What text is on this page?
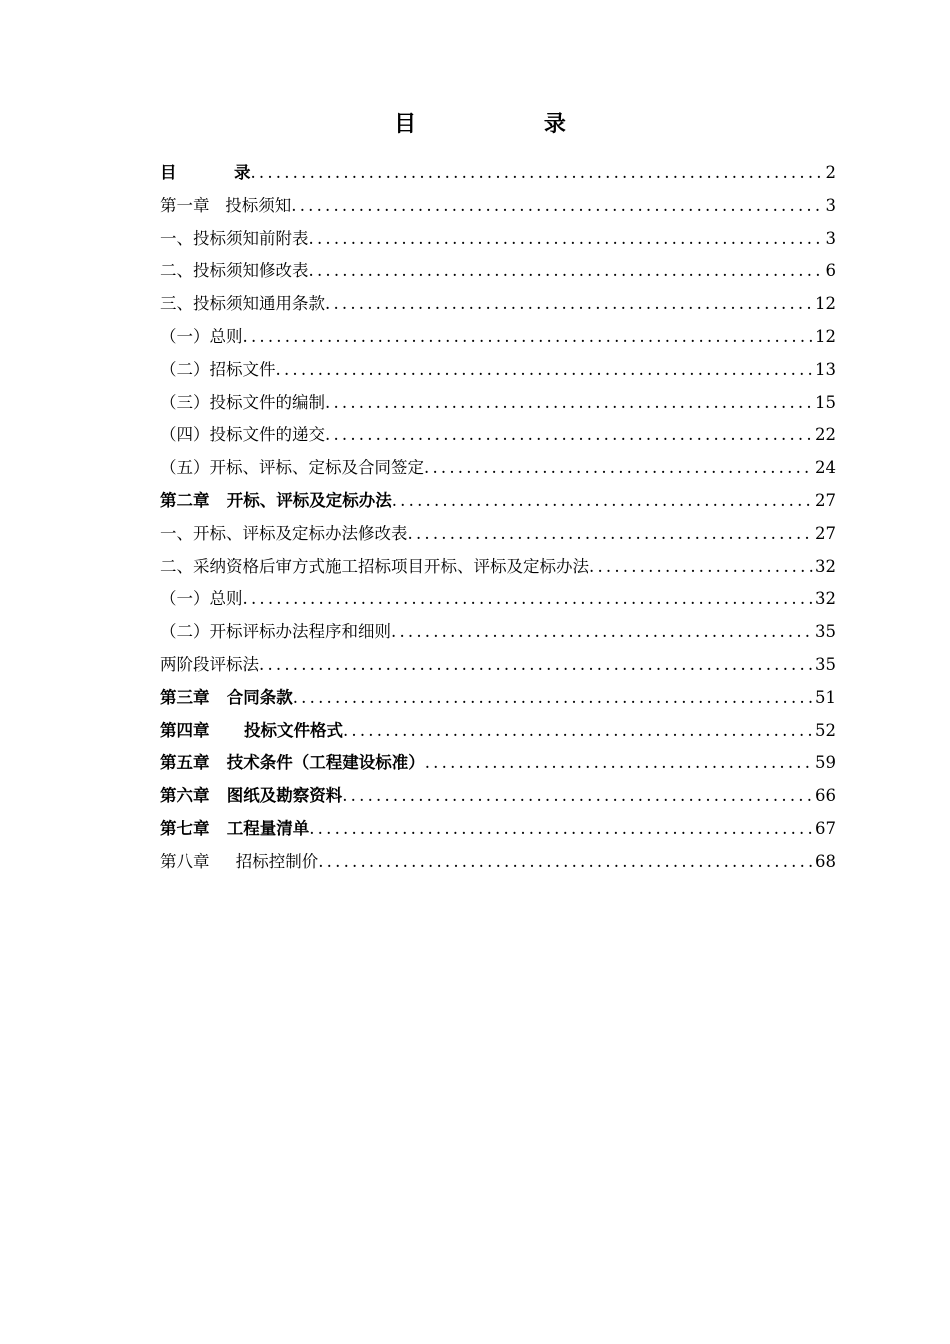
目 录
目          录 .....	2
第一章   投标须知 .....	3
一、投标须知前附表 .....	3
二、投标须知修改表 .....	6
三、投标须知通用条款 .....	12
（一）总则 .....	12
（二）招标文件 .....	13
（三）投标文件的编制 .....	15
（四）投标文件的递交 .....	22
（五）开标、评标、定标及合同签定 .....	24
第二章   开标、评标及定标办法 .....	27
一、开标、评标及定标办法修改表 .....	27
二、采纳资格后审方式施工招标项目开标、评标及定标办法 .....	32
（一）总则 .....	32
（二）开标评标办法程序和细则 .....	35
两阶段评标法 .....	35
第三章   合同条款 .....	51
第四章      投标文件格式 .....	52
第五章   技术条件（工程建设标准） .....	59
第六章   图纸及勘察资料 .....	66
第七章   工程量清单 .....	67
第八章     招标控制价 .....	68
